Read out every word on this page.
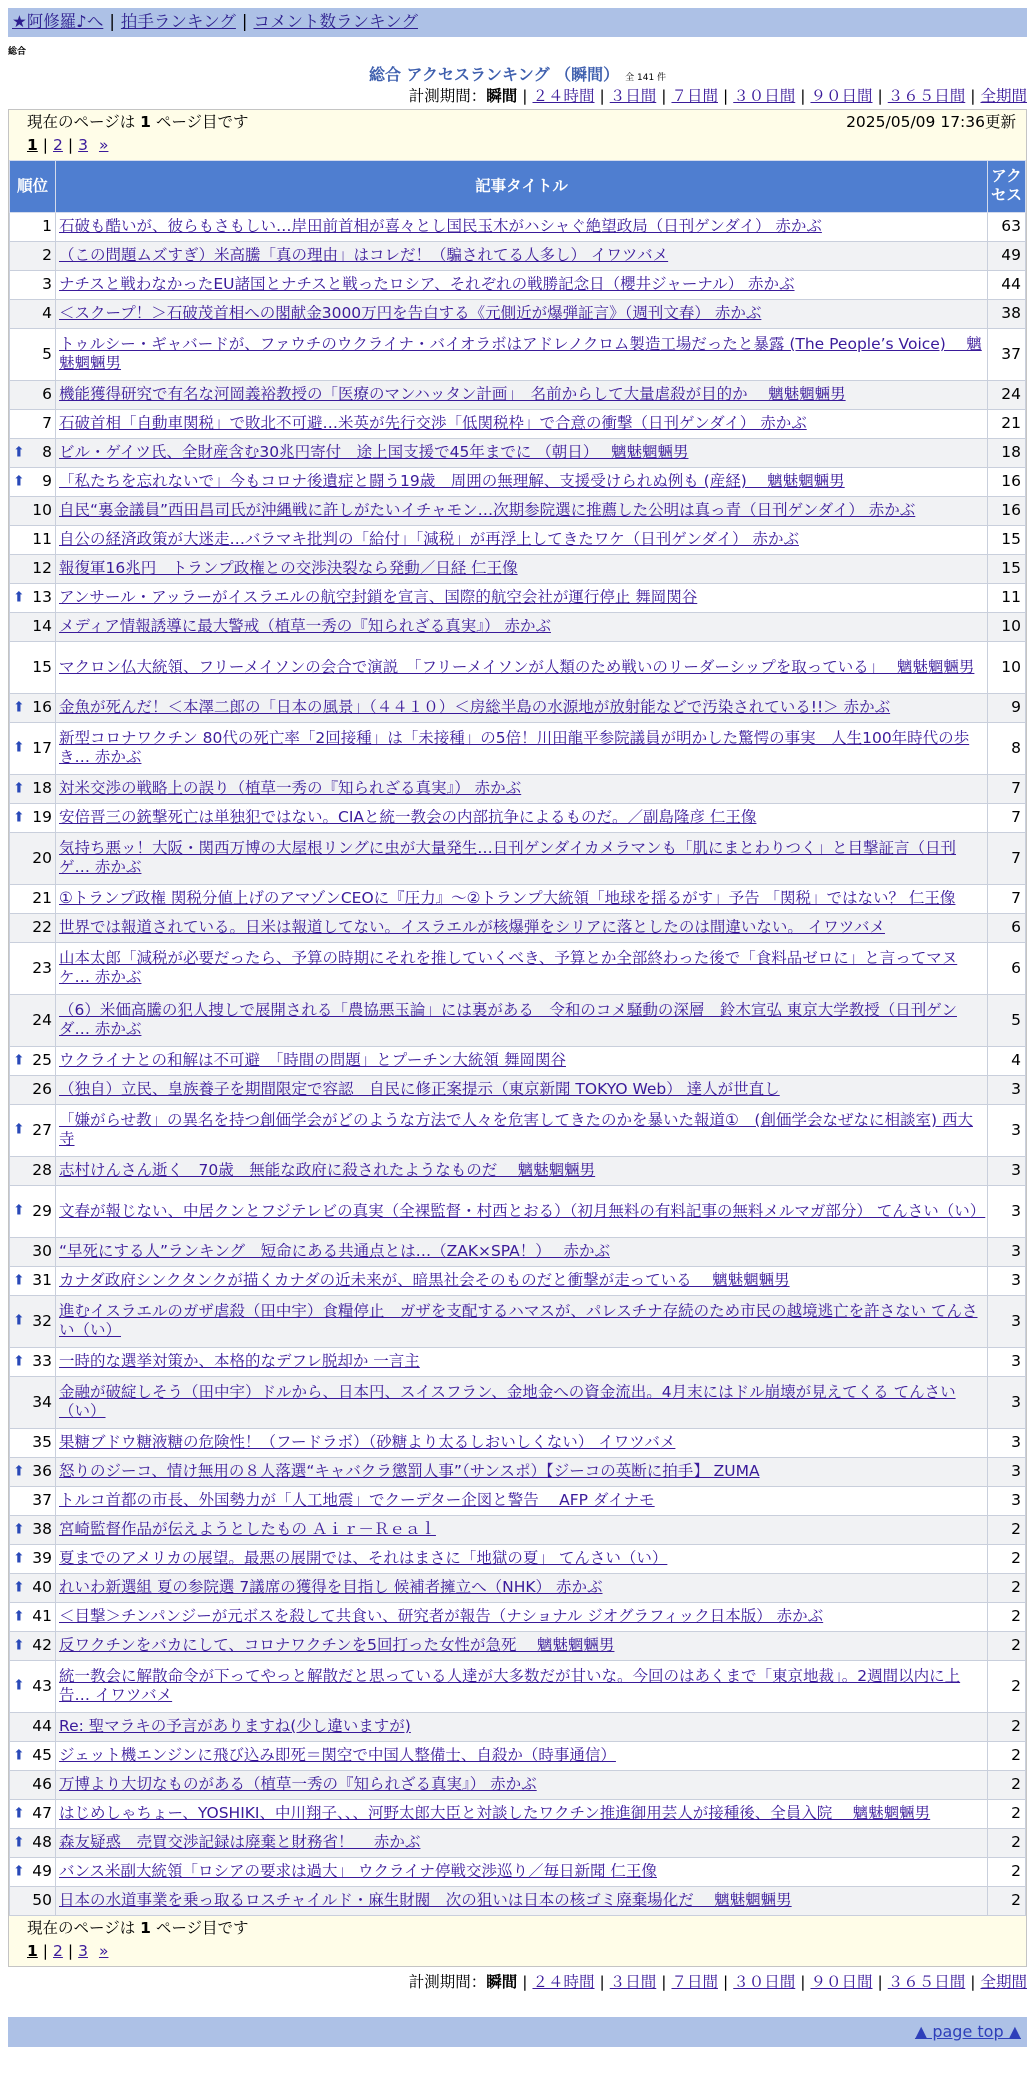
★阿修羅♪へ | 拍手ランキング | コメント数ランキング
総合
総合 アクセスランキング （瞬間） 全 141 件
計測期間：瞬間 | ２４時間 | ３日間 | ７日間 | ３０日間 | ９０日間 | ３６５日間 | 全期間
現在のページは 1 ページ目です	2025/05/09 17:36更新
1 | 2 | 3 »
順位	記事タイトル	アクセス
1	石破も酷いが、彼らもさもしい…岸田前首相が喜々とし国民玉木がハシャぐ絶望政局（日刊ゲンダイ） 赤かぶ	63
2	（この問題ムズすぎ）米高騰「真の理由」はコレだ！（騙されてる人多し） イワツバメ	49
3	ナチスと戦わなかったEU諸国とナチスと戦ったロシア、それぞれの戦勝記念日（櫻井ジャーナル） 赤かぶ	44
4	＜スクープ！＞石破茂首相への閣献金3000万円を告白する《元側近が爆弾証言》（週刊文春） 赤かぶ	38
5	トゥルシー・ギャバードが、ファウチのウクライナ・バイオラボはアドレノクロム製造工場だったと暴露 (The People’s Voice)　 魑魅魍魎男	37
6	機能獲得研究で有名な河岡義裕教授の「医療のマンハッタン計画」　名前からして大量虐殺が目的か　 魑魅魍魎男	24
7	石破首相「自動車関税」で敗北不可避…米英が先行交渉「低関税枠」で合意の衝撃（日刊ゲンダイ） 赤かぶ	21

⬆ 8	ビル・ゲイツ氏、全財産含む30兆円寄付　途上国支援で45年までに （朝日）　 魑魅魍魎男	18

⬆ 9	「私たちを忘れないで」今もコロナ後遺症と闘う19歳　周囲の無理解、支援受けられぬ例も (産経)　 魑魅魍魎男	16
10	自民“裏金議員”西田昌司氏が沖縄戦に許しがたいイチャモン…次期参院選に推薦した公明は真っ青（日刊ゲンダイ） 赤かぶ	16
11	自公の経済政策が大迷走…バラマキ批判の「給付」「減税」が再浮上してきたワケ（日刊ゲンダイ） 赤かぶ	15
12	報復軍16兆円　トランプ政権との交渉決裂なら発動／日経 仁王像	15

⬆ 13	アンサール・アッラーがイスラエルの航空封鎖を宣言、国際的航空会社が運行停止 舞岡関谷	11
14	メディア情報誘導に最大警戒（植草一秀の『知られざる真実』） 赤かぶ	10
15	マクロン仏大統領、フリーメイソンの会合で演説　「フリーメイソンが人類のため戦いのリーダーシップを取っている」　 魑魅魍魎男	10

⬆ 16	金魚が死んだ！＜本澤二郎の「日本の風景」（４４１０）＜房総半島の水源地が放射能などで汚染されている!!＞ 赤かぶ	9

⬆ 17	新型コロナワクチン 80代の死亡率「2回接種」は「未接種」の5倍！川田龍平参院議員が明かした驚愕の事実　人生100年時代の歩き… 赤かぶ	8

⬆ 18	対米交渉の戦略上の誤り（植草一秀の『知られざる真実』） 赤かぶ	7

⬆ 19	安倍晋三の銃撃死亡は単独犯ではない。CIAと統一教会の内部抗争によるものだ。／副島隆彦 仁王像	7
20	気持ち悪ッ！大阪・関西万博の大屋根リングに虫が大量発生…日刊ゲンダイカメラマンも「肌にまとわりつく」と目撃証言（日刊ゲ… 赤かぶ	7
21	①トランプ政権 関税分値上げのアマゾンCEOに『圧力』～②トランプ大統領「地球を揺るがす」予告 「関税」ではない？ 仁王像	7
22	世界では報道されている。日米は報道してない。イスラエルが核爆弾をシリアに落としたのは間違いない。 イワツバメ	6
23	山本太郎「減税が必要だったら、予算の時期にそれを推していくべき、予算とか全部終わった後で「食料品ゼロに」と言ってマヌケ… 赤かぶ	6
24	（6）米価高騰の犯人捜しで展開される「農協悪玉論」には裏がある　令和のコメ騒動の深層　鈴木宣弘 東京大学教授（日刊ゲンダ… 赤かぶ	5

⬆ 25	ウクライナとの和解は不可避　「時間の問題」とプーチン大統領 舞岡関谷	4
26	（独自）立民、皇族養子を期間限定で容認　自民に修正案提示（東京新聞 TOKYO Web） 達人が世直し	3

⬆ 27	「嫌がらせ教」の異名を持つ創価学会がどのような方法で人々を危害してきたのかを暴いた報道①　(創価学会なぜなに相談室) 西大寺	3
28	志村けんさん逝く　70歳　無能な政府に殺されたようなものだ　 魑魅魍魎男	3

⬆ 29	文春が報じない、中居クンとフジテレビの真実（全裸監督・村西とおる）（初月無料の有料記事の無料メルマガ部分） てんさい（い）	3
30	“早死にする人”ランキング　短命にある共通点とは…（ZAK×SPA！）　 赤かぶ	3

⬆ 31	カナダ政府シンクタンクが描くカナダの近未来が、暗黒社会そのものだと衝撃が走っている　 魑魅魍魎男	3

⬆ 32	進むイスラエルのガザ虐殺（田中宇）食糧停止　ガザを支配するハマスが、パレスチナ存続のため市民の越境逃亡を許さない てんさい（い）	3

⬆ 33	一時的な選挙対策か、本格的なデフレ脱却か 一言主	3
34	金融が破綻しそう（田中宇）ドルから、日本円、スイスフラン、金地金への資金流出。4月末にはドル崩壊が見えてくる てんさい（い）	3
35	果糖ブドウ糖液糖の危険性！（フードラボ）（砂糖より太るしおいしくない） イワツバメ	3

⬆ 36	怒りのジーコ、情け無用の８人落選“キャバクラ懲罰人事”（サンスポ）【ジーコの英断に拍手】 ZUMA	3
37	トルコ首都の市長、外国勢力が「人工地震」でクーデター企図と警告　 AFP ダイナモ	3

⬆ 38	宮崎監督作品が伝えようとしたもの Ａｉｒ－Ｒｅａｌ	2

⬆ 39	夏までのアメリカの展望。最悪の展開では、それはまさに「地獄の夏」 てんさい（い）	2

⬆ 40	れいわ新選組 夏の参院選 7議席の獲得を目指し 候補者擁立へ（NHK） 赤かぶ	2

⬆ 41	＜目撃＞チンパンジーが元ボスを殺して共食い、研究者が報告（ナショナル ジオグラフィック日本版） 赤かぶ	2

⬆ 42	反ワクチンをバカにして、コロナワクチンを5回打った女性が急死　 魑魅魍魎男	2

⬆ 43	統一教会に解散命令が下ってやっと解散だと思っている人達が大多数だが甘いな。今回のはあくまで「東京地裁」。2週間以内に上告… イワツバメ	2
44	Re: 聖マラキの予言がありますね(少し違いますが)	2

⬆ 45	ジェット機エンジンに飛び込み即死＝関空で中国人整備士、自殺か（時事通信）	2
46	万博より大切なものがある（植草一秀の『知られざる真実』） 赤かぶ	2

⬆ 47	はじめしゃちょー、YOSHIKI、中川翔子、、、河野太郎大臣と対談したワクチン推進御用芸人が接種後、全員入院　 魑魅魍魎男	2

⬆ 48	森友疑惑　売買交渉記録は廃棄と財務省！　 赤かぶ	2

⬆ 49	バンス米副大統領「ロシアの要求は過大」 ウクライナ停戦交渉巡り／毎日新聞 仁王像	2
50	日本の水道事業を乗っ取るロスチャイルド・麻生財閥　次の狙いは日本の核ゴミ廃棄場化だ　 魑魅魍魎男	2
現在のページは 1 ページ目です
1 | 2 | 3 »
計測期間：瞬間 | ２４時間 | ３日間 | ７日間 | ３０日間 | ９０日間 | ３６５日間 | 全期間
▲ page top ▲
